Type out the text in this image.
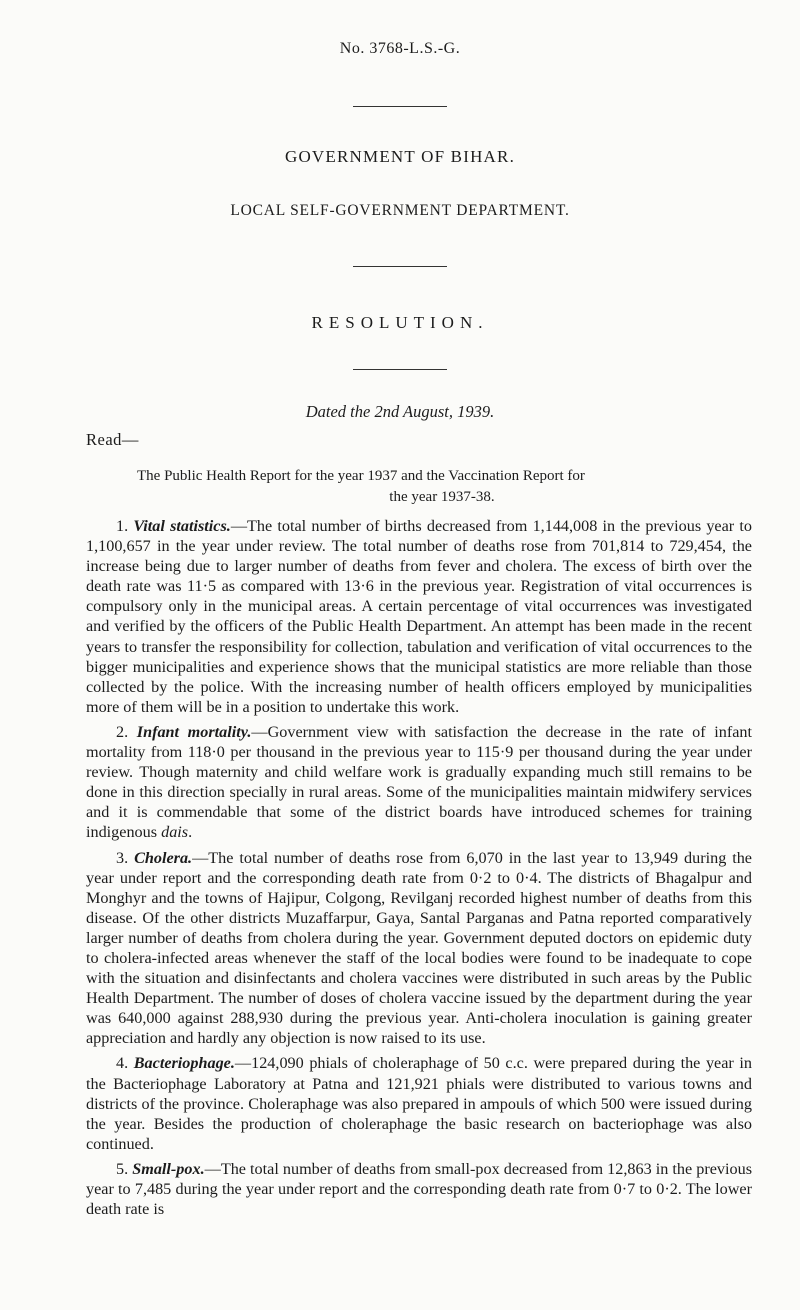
No. 3768-L.S.-G.
GOVERNMENT OF BIHAR.
LOCAL SELF-GOVERNMENT DEPARTMENT.
RESOLUTION.
Dated the 2nd August, 1939.
Read—
The Public Health Report for the year 1937 and the Vaccination Report for
the year 1937-38.

1. Vital statistics.—The total number of births decreased from 1,144,008 in the previous year to 1,100,657 in the year under review. The total number of deaths rose from 701,814 to 729,454, the increase being due to larger number of deaths from fever and cholera. The excess of birth over the death rate was 11·5 as compared with 13·6 in the previous year. Registration of vital occurrences is compulsory only in the municipal areas. A certain percentage of vital occurrences was investigated and verified by the officers of the Public Health Department. An attempt has been made in the recent years to transfer the responsibility for collection, tabulation and verification of vital occurrences to the bigger municipalities and experience shows that the municipal statistics are more reliable than those collected by the police. With the increasing number of health officers employed by municipalities more of them will be in a position to undertake this work.

2. Infant mortality.—Government view with satisfaction the decrease in the rate of infant mortality from 118·0 per thousand in the previous year to 115·9 per thousand during the year under review. Though maternity and child welfare work is gradually expanding much still remains to be done in this direction specially in rural areas. Some of the municipalities maintain midwifery services and it is commendable that some of the district boards have introduced schemes for training indigenous dais.

3. Cholera.—The total number of deaths rose from 6,070 in the last year to 13,949 during the year under report and the corresponding death rate from 0·2 to 0·4. The districts of Bhagalpur and Monghyr and the towns of Hajipur, Colgong, Revilganj recorded highest number of deaths from this disease. Of the other districts Muzaffarpur, Gaya, Santal Parganas and Patna reported comparatively larger number of deaths from cholera during the year. Government deputed doctors on epidemic duty to cholera-infected areas whenever the staff of the local bodies were found to be inadequate to cope with the situation and disinfectants and cholera vaccines were distributed in such areas by the Public Health Department. The number of doses of cholera vaccine issued by the department during the year was 640,000 against 288,930 during the previous year. Anti-cholera inoculation is gaining greater appreciation and hardly any objection is now raised to its use.

4. Bacteriophage.—124,090 phials of choleraphage of 50 c.c. were prepared during the year in the Bacteriophage Laboratory at Patna and 121,921 phials were distributed to various towns and districts of the province. Choleraphage was also prepared in ampouls of which 500 were issued during the year. Besides the production of choleraphage the basic research on bacteriophage was also continued.

5. Small-pox.—The total number of deaths from small-pox decreased from 12,863 in the previous year to 7,485 during the year under report and the corresponding death rate from 0·7 to 0·2. The lower death rate is
